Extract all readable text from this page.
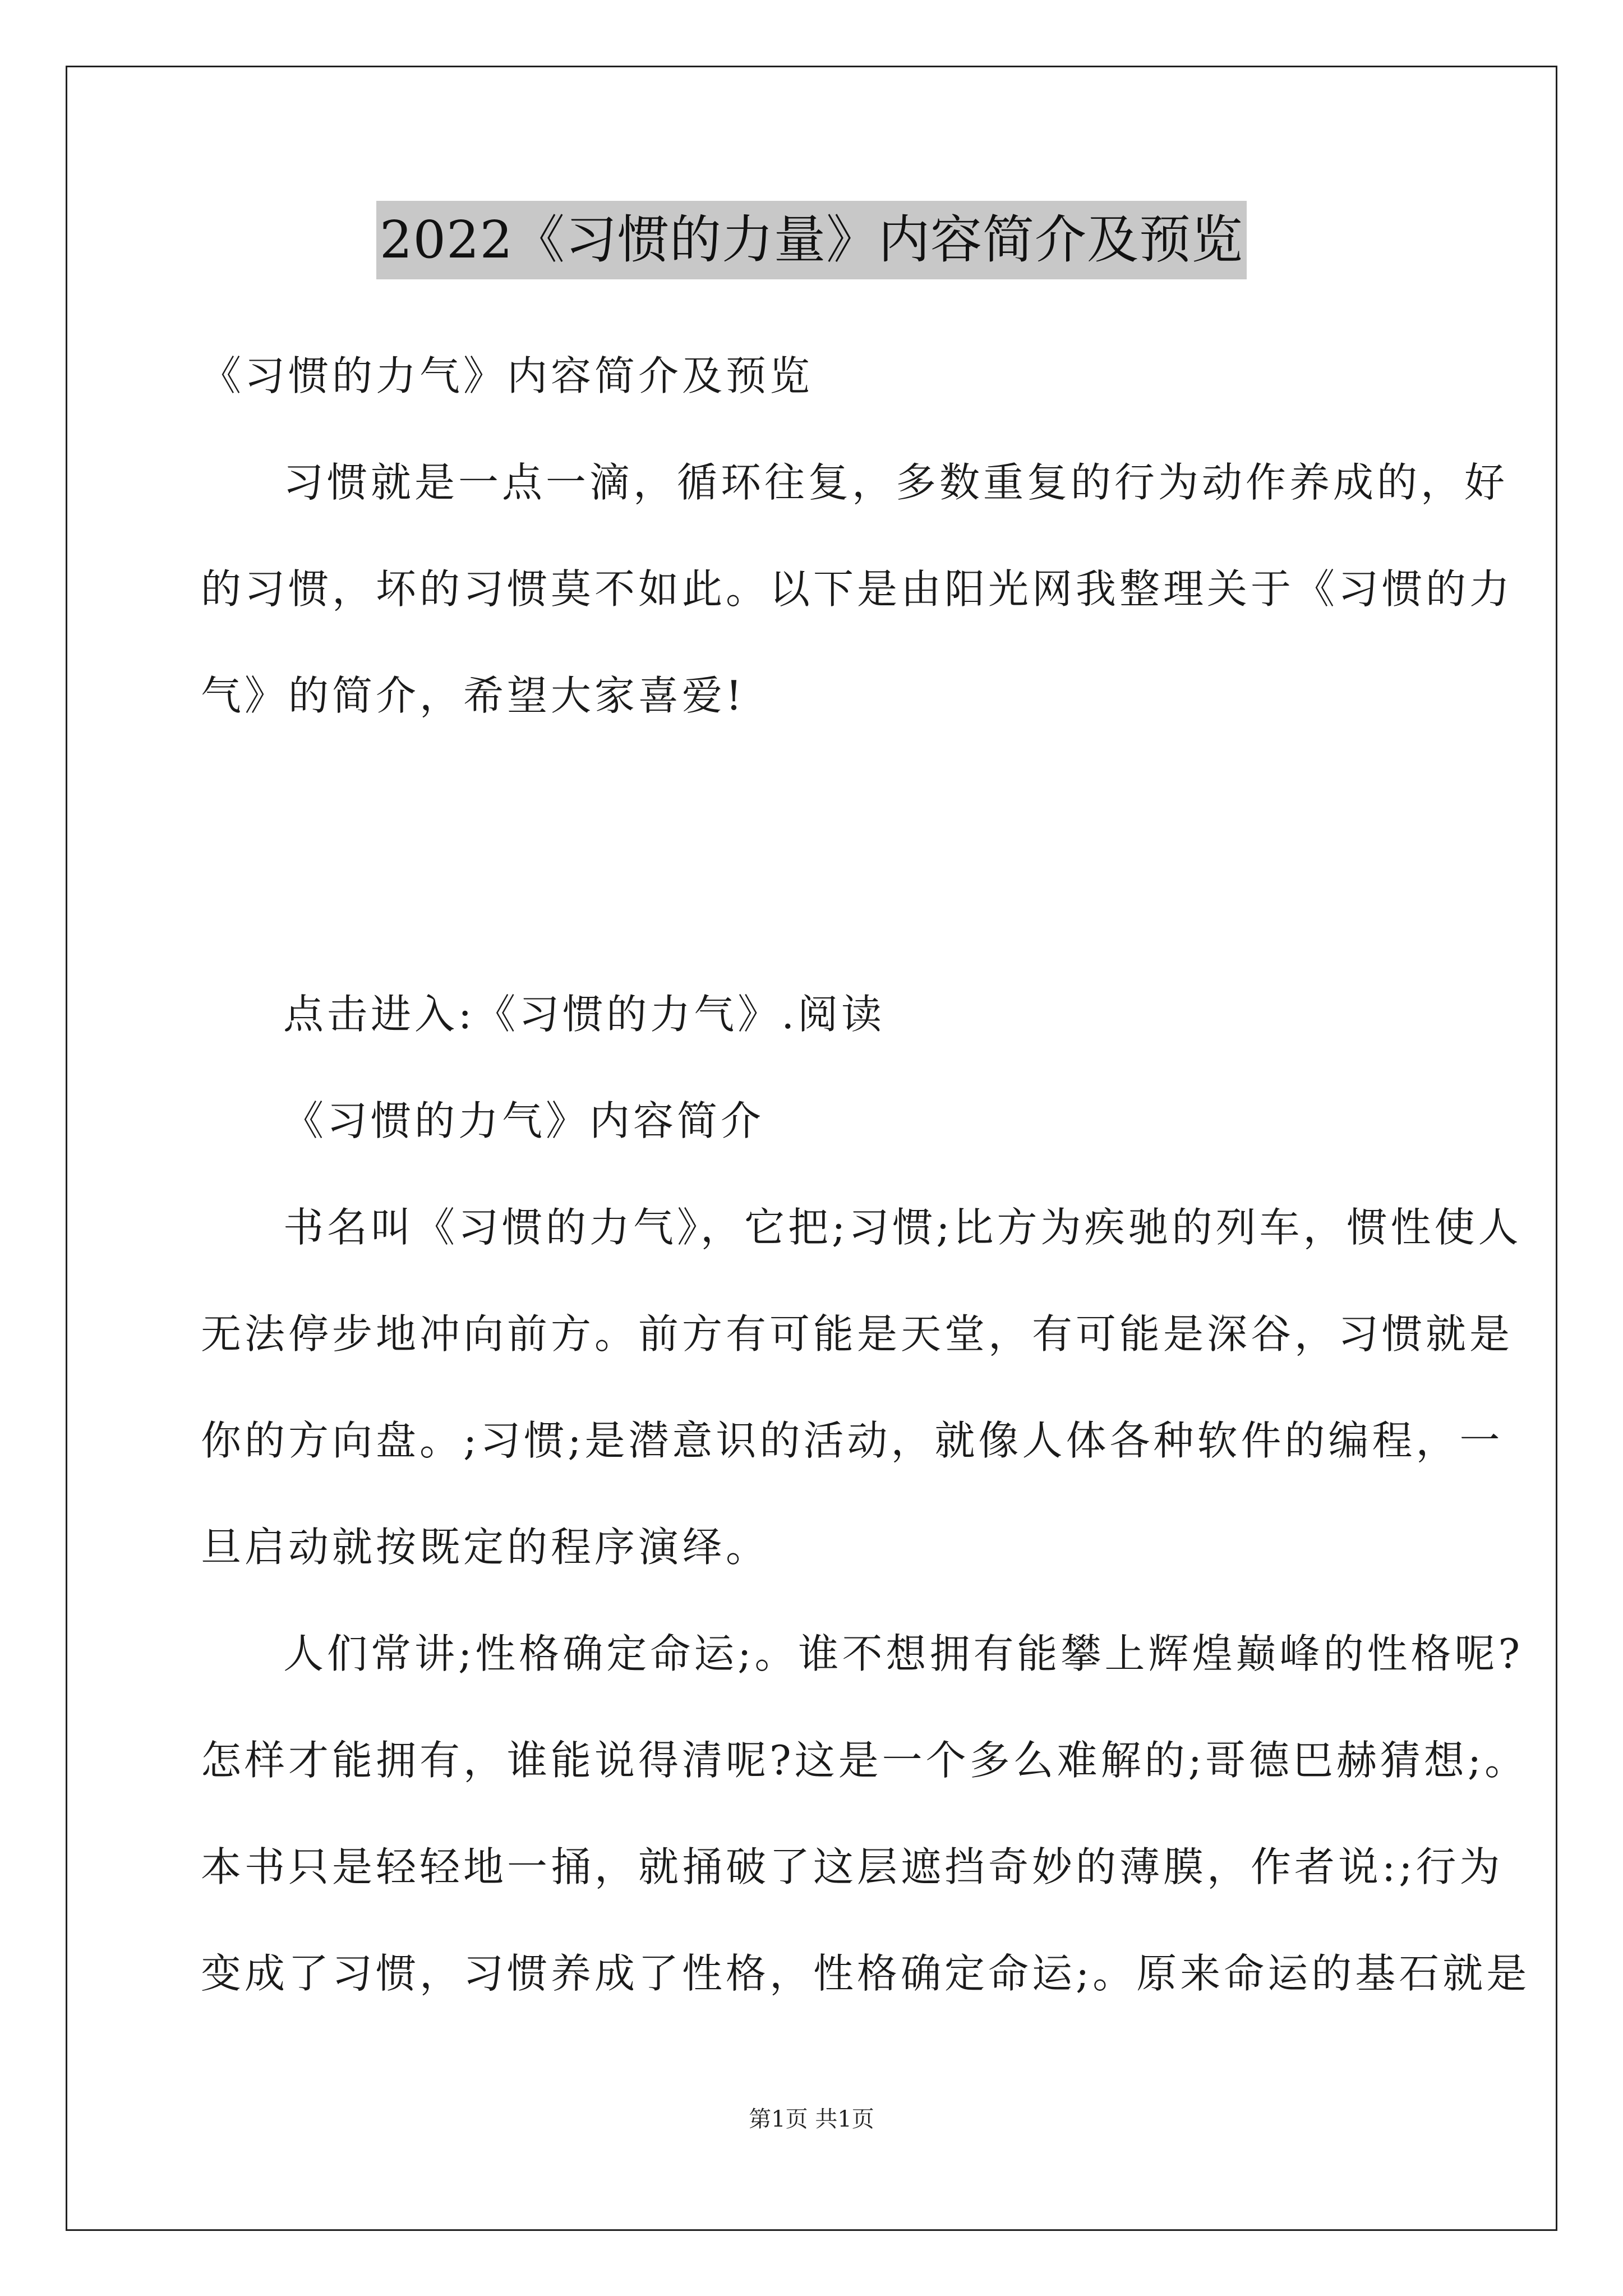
2022《习惯的力量》内容简介及预览
《习惯的力气》内容简介及预览
习惯就是一点一滴，循环往复，多数重复的行为动作养成的，好
的习惯，坏的习惯莫不如此。以下是由阳光网我整理关于《习惯的力
气》的简介，希望大家喜爱!
点击进入:《习惯的力气》.阅读
《习惯的力气》内容简介
书名叫《习惯的力气》，它把;习惯;比方为疾驰的列车，惯性使人
无法停步地冲向前方。前方有可能是天堂，有可能是深谷，习惯就是
你的方向盘。;习惯;是潜意识的活动，就像人体各种软件的编程，一
旦启动就按既定的程序演绎。
人们常讲;性格确定命运;。谁不想拥有能攀上辉煌巅峰的性格呢?
怎样才能拥有，谁能说得清呢?这是一个多么难解的;哥德巴赫猜想;。
本书只是轻轻地一捅，就捅破了这层遮挡奇妙的薄膜，作者说:;行为
变成了习惯，习惯养成了性格，性格确定命运;。原来命运的基石就是
第1页 共1页
